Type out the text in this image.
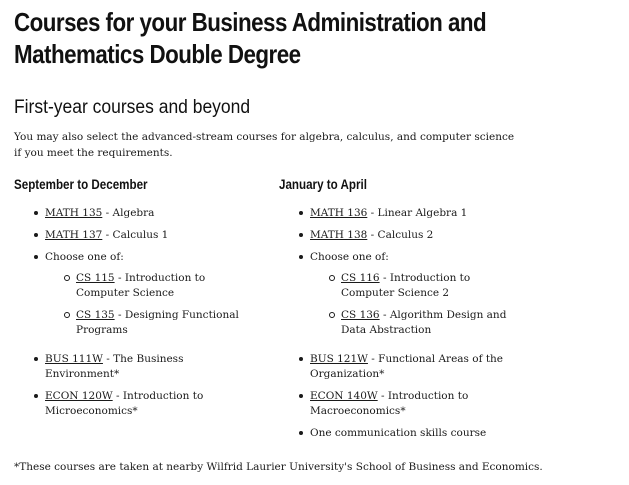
Courses for your Business Administration and Mathematics Double Degree
First-year courses and beyond

You may also select the advanced-stream courses for algebra, calculus, and computer science if you meet the requirements.

September to December
MATH 135 - Algebra
MATH 137 - Calculus 1
Choose one of:
CS 115 - Introduction to Computer Science
CS 135 - Designing Functional Programs
BUS 111W - The Business Environment*
ECON 120W - Introduction to Microeconomics*
January to April
MATH 136 - Linear Algebra 1
MATH 138 - Calculus 2
Choose one of:
CS 116 - Introduction to Computer Science 2
CS 136 - Algorithm Design and Data Abstraction
BUS 121W - Functional Areas of the Organization*
ECON 140W - Introduction to Macroeconomics*
One communication skills course

*These courses are taken at nearby Wilfrid Laurier University's School of Business and Economics.
